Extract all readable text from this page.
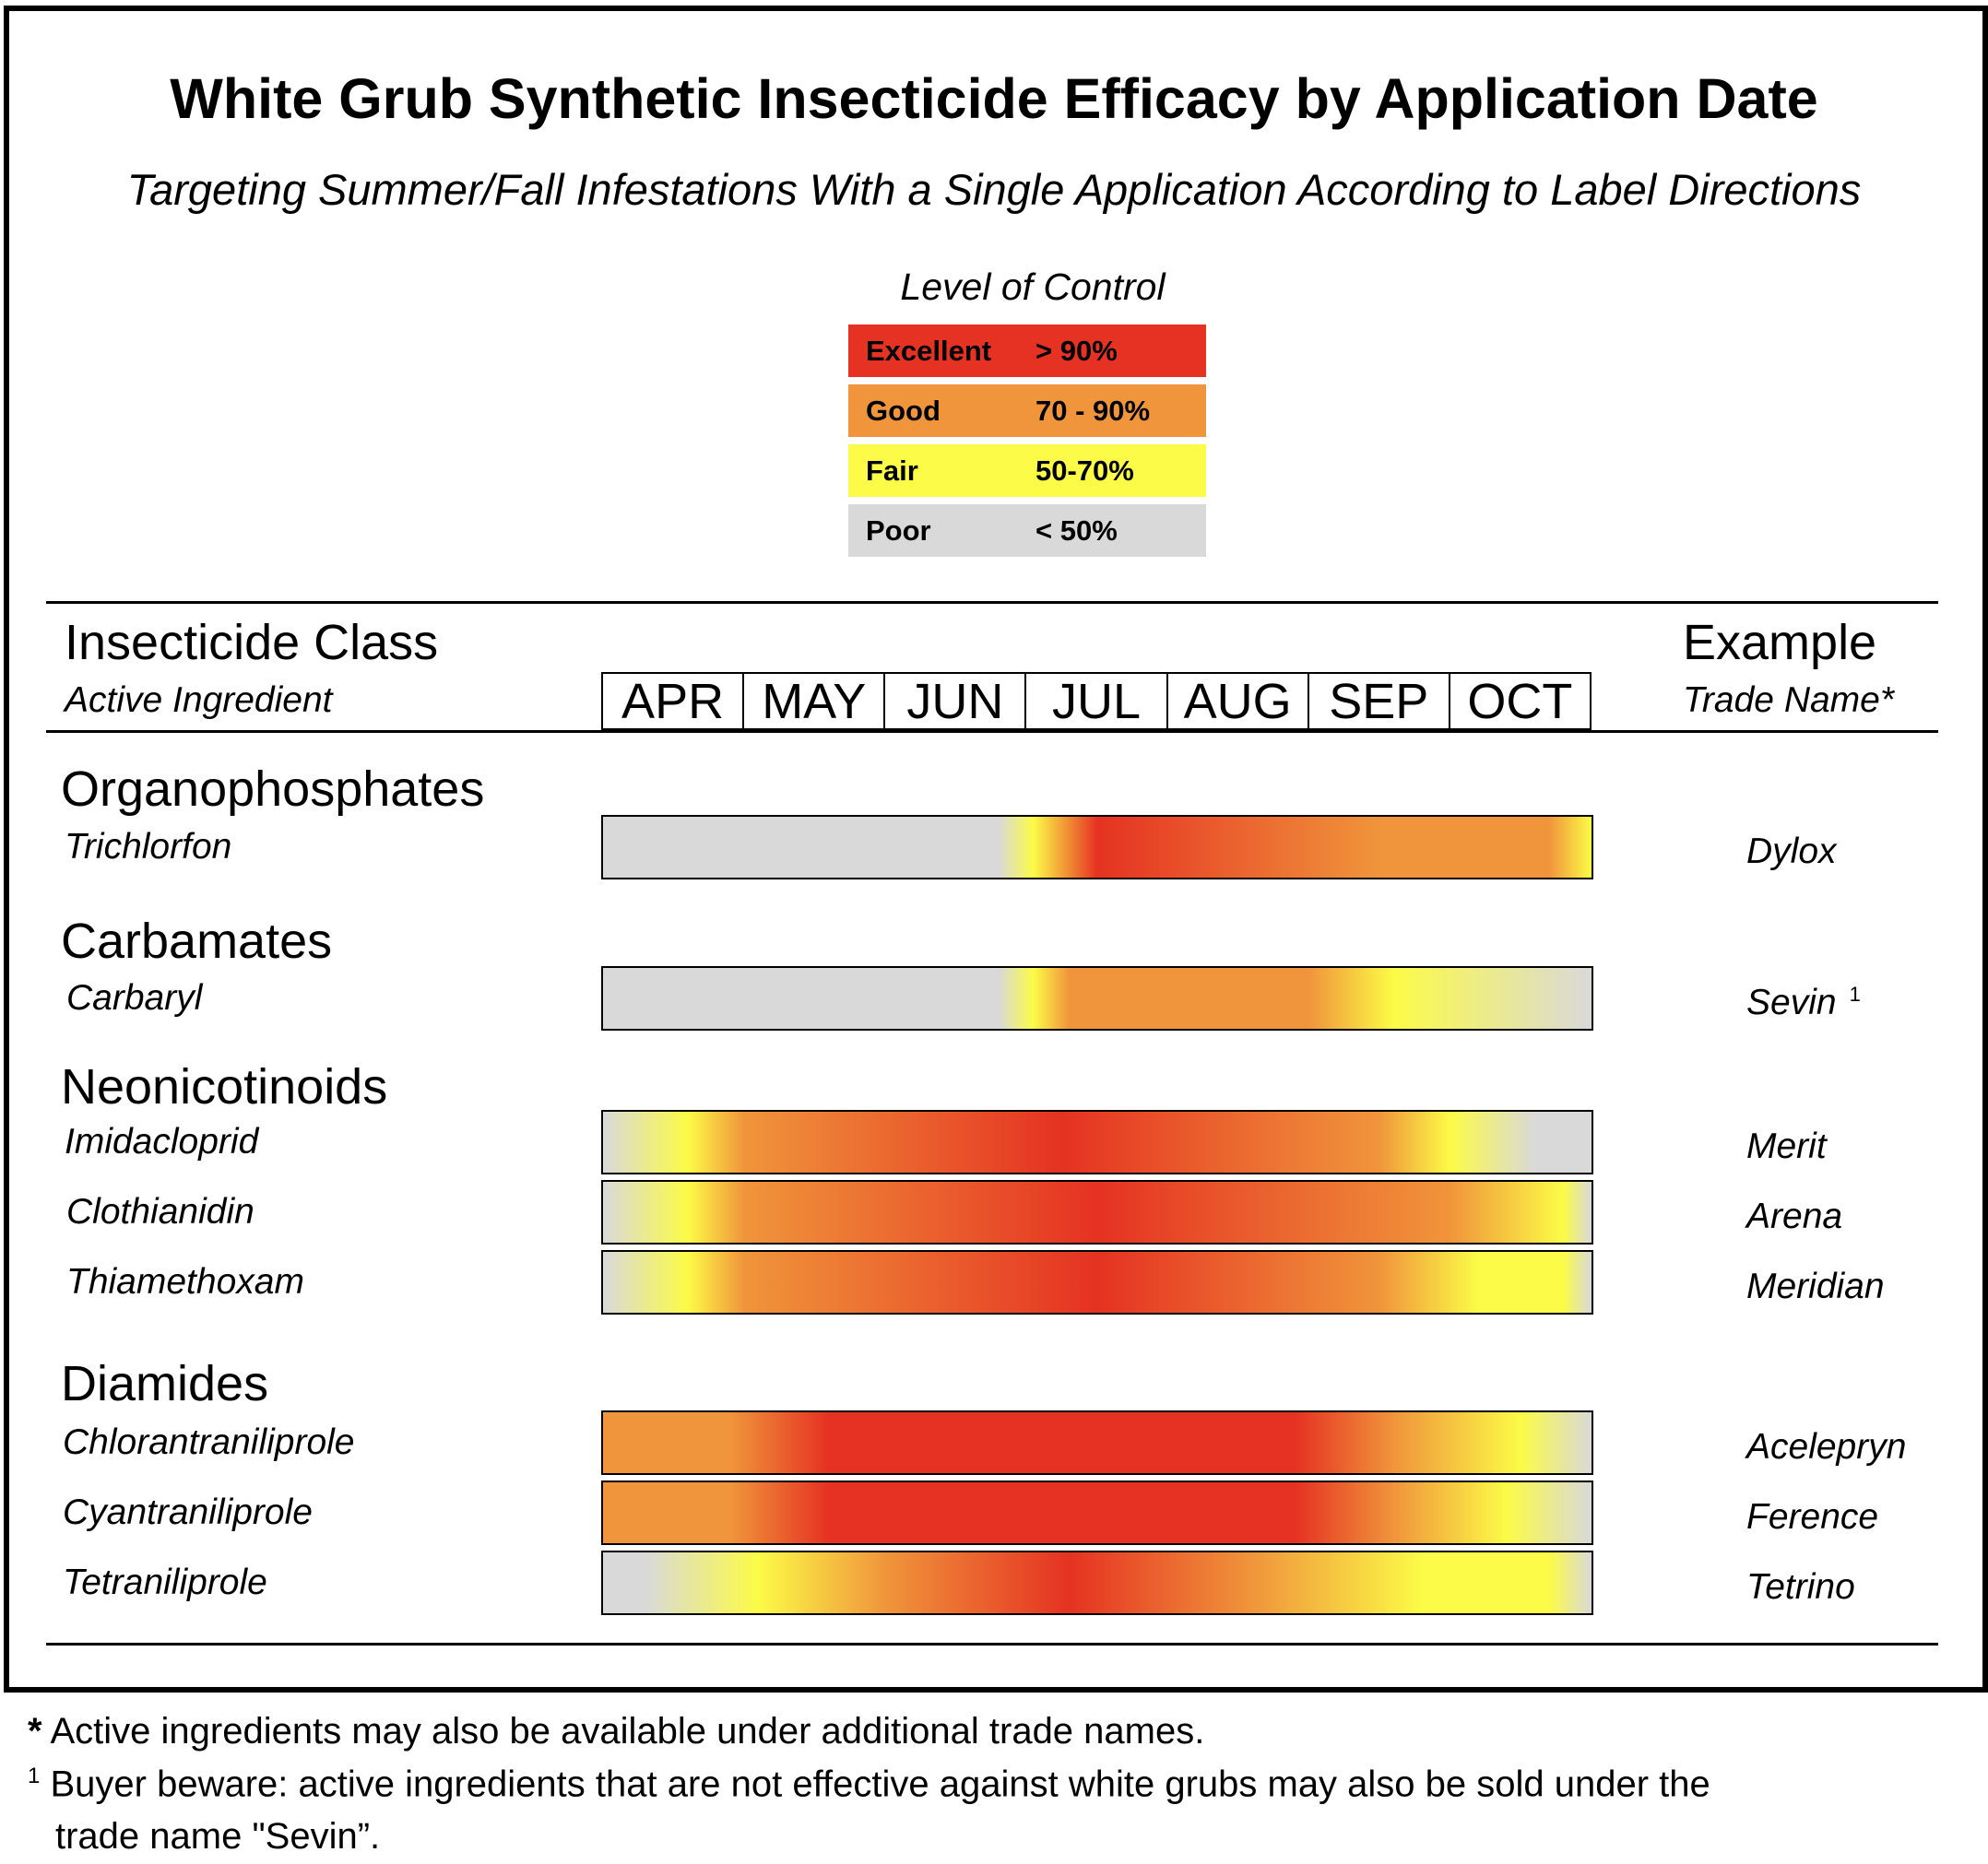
White Grub Synthetic Insecticide Efficacy by Application Date
Targeting Summer/Fall Infestations With a Single Application According to Label Directions
Level of Control
Excellent > 90%
Good	70 - 90%
Fair	50-70%
Poor	< 50%
Insecticide Class
Active Ingredient
Example
Trade Name*
APR MAY JUN JUL AUG SEP OCT
Organophosphates
Trichlorfon	Dylox
Carbamates
Carbaryl	Sevin $^1$
Neonicotinoids
Imidacloprid	Merit
Clothianidin	Arena
Thiamethoxam	Meridian
Diamides
Chlorantraniliprole	Acelepryn
Cyantraniliprole	Ference
Tetraniliprole	Tetrino
* Active ingredients may also be available under additional trade names.
$^1$ Buyer beware: active ingredients that are not effective against white grubs may also be sold under the
trade name "Sevin”.
